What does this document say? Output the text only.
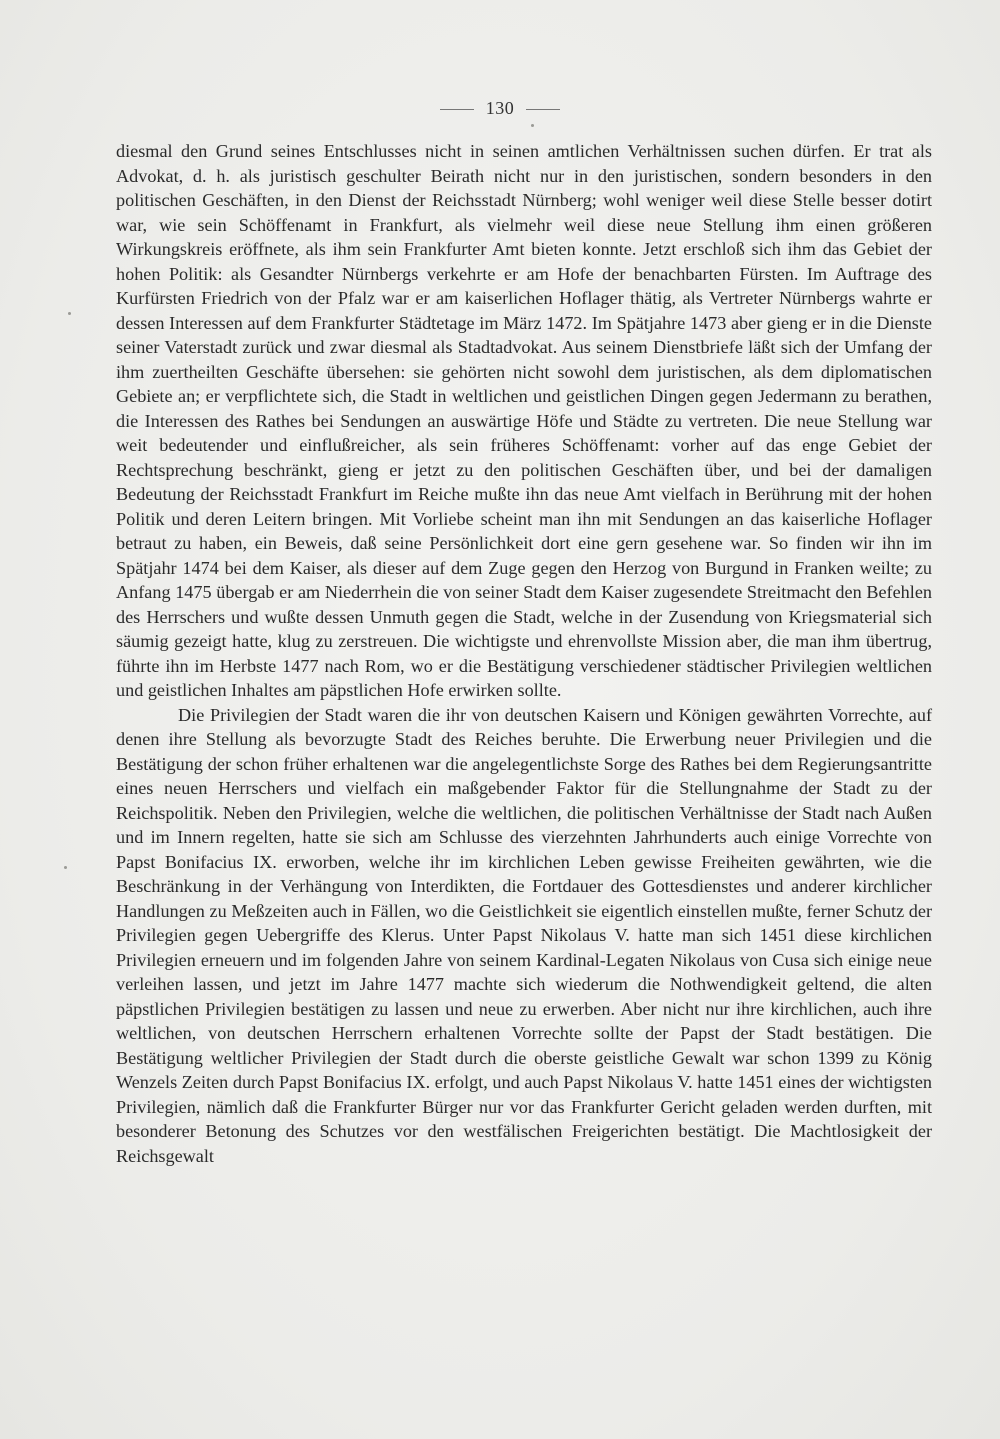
130

diesmal den Grund seines Entschlusses nicht in seinen amtlichen Verhältnissen suchen dürfen. Er trat als Advokat, d. h. als juristisch geschulter Beirath nicht nur in den juristischen, sondern besonders in den politischen Geschäften, in den Dienst der Reichsstadt Nürnberg; wohl weniger weil diese Stelle besser dotirt war, wie sein Schöffenamt in Frankfurt, als vielmehr weil diese neue Stellung ihm einen größeren Wirkungskreis eröffnete, als ihm sein Frankfurter Amt bieten konnte. Jetzt erschloß sich ihm das Gebiet der hohen Politik: als Gesandter Nürnbergs verkehrte er am Hofe der benachbarten Fürsten. Im Auftrage des Kurfürsten Friedrich von der Pfalz war er am kaiserlichen Hoflager thätig, als Vertreter Nürnbergs wahrte er dessen Interessen auf dem Frankfurter Städtetage im März 1472. Im Spätjahre 1473 aber gieng er in die Dienste seiner Vaterstadt zurück und zwar diesmal als Stadtadvokat. Aus seinem Dienstbriefe läßt sich der Umfang der ihm zuertheilten Geschäfte übersehen: sie gehörten nicht sowohl dem juristischen, als dem diplomatischen Gebiete an; er verpflichtete sich, die Stadt in weltlichen und geistlichen Dingen gegen Jedermann zu berathen, die Interessen des Rathes bei Sendungen an auswärtige Höfe und Städte zu vertreten. Die neue Stellung war weit bedeutender und einflußreicher, als sein früheres Schöffenamt: vorher auf das enge Gebiet der Rechtsprechung beschränkt, gieng er jetzt zu den politischen Geschäften über, und bei der damaligen Bedeutung der Reichsstadt Frankfurt im Reiche mußte ihn das neue Amt vielfach in Berührung mit der hohen Politik und deren Leitern bringen. Mit Vorliebe scheint man ihn mit Sendungen an das kaiserliche Hoflager betraut zu haben, ein Beweis, daß seine Persönlichkeit dort eine gern gesehene war. So finden wir ihn im Spätjahr 1474 bei dem Kaiser, als dieser auf dem Zuge gegen den Herzog von Burgund in Franken weilte; zu Anfang 1475 übergab er am Niederrhein die von seiner Stadt dem Kaiser zugesendete Streitmacht den Befehlen des Herrschers und wußte dessen Unmuth gegen die Stadt, welche in der Zusendung von Kriegsmaterial sich säumig gezeigt hatte, klug zu zerstreuen. Die wichtigste und ehrenvollste Mission aber, die man ihm übertrug, führte ihn im Herbste 1477 nach Rom, wo er die Bestätigung verschiedener städtischer Privilegien weltlichen und geistlichen Inhaltes am päpstlichen Hofe erwirken sollte.

Die Privilegien der Stadt waren die ihr von deutschen Kaisern und Königen gewährten Vorrechte, auf denen ihre Stellung als bevorzugte Stadt des Reiches beruhte. Die Erwerbung neuer Privilegien und die Bestätigung der schon früher erhaltenen war die angelegentlichste Sorge des Rathes bei dem Regierungsantritte eines neuen Herrschers und vielfach ein maßgebender Faktor für die Stellungnahme der Stadt zu der Reichspolitik. Neben den Privilegien, welche die weltlichen, die politischen Verhältnisse der Stadt nach Außen und im Innern regelten, hatte sie sich am Schlusse des vierzehnten Jahrhunderts auch einige Vorrechte von Papst Bonifacius IX. erworben, welche ihr im kirchlichen Leben gewisse Freiheiten gewährten, wie die Beschränkung in der Verhängung von Interdikten, die Fortdauer des Gottesdienstes und anderer kirchlicher Handlungen zu Meßzeiten auch in Fällen, wo die Geistlichkeit sie eigentlich einstellen mußte, ferner Schutz der Privilegien gegen Uebergriffe des Klerus. Unter Papst Nikolaus V. hatte man sich 1451 diese kirchlichen Privilegien erneuern und im folgenden Jahre von seinem Kardinal-Legaten Nikolaus von Cusa sich einige neue verleihen lassen, und jetzt im Jahre 1477 machte sich wiederum die Nothwendigkeit geltend, die alten päpstlichen Privilegien bestätigen zu lassen und neue zu erwerben. Aber nicht nur ihre kirchlichen, auch ihre weltlichen, von deutschen Herrschern erhaltenen Vorrechte sollte der Papst der Stadt bestätigen. Die Bestätigung weltlicher Privilegien der Stadt durch die oberste geistliche Gewalt war schon 1399 zu König Wenzels Zeiten durch Papst Bonifacius IX. erfolgt, und auch Papst Nikolaus V. hatte 1451 eines der wichtigsten Privilegien, nämlich daß die Frankfurter Bürger nur vor das Frankfurter Gericht geladen werden durften, mit besonderer Betonung des Schutzes vor den westfälischen Freigerichten bestätigt. Die Machtlosigkeit der Reichsgewalt
